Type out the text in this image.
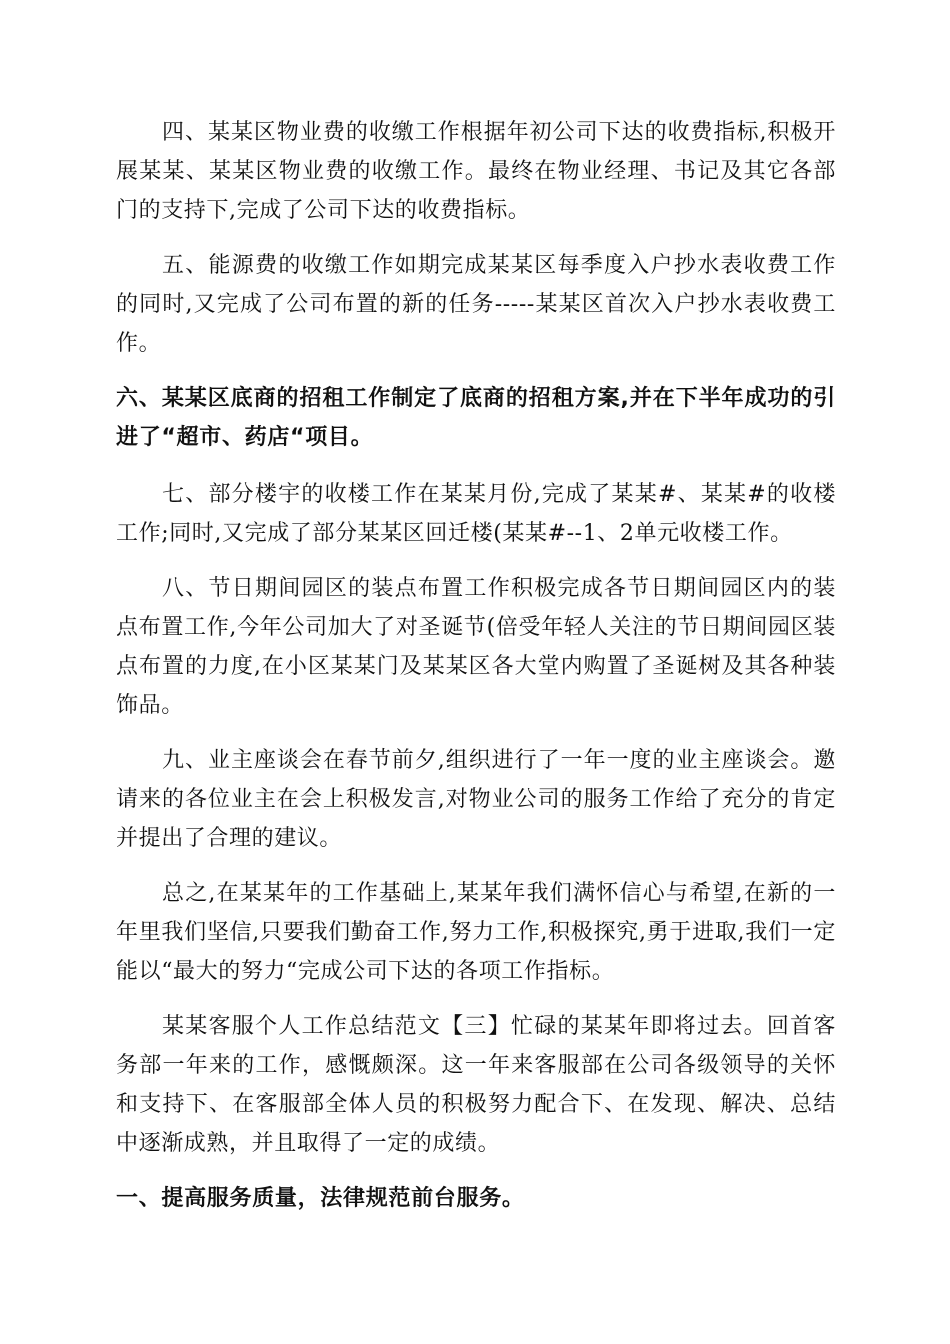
四、某某区物业费的收缴工作根据年初公司下达的收费指标,积极开展某某、某某区物业费的收缴工作。最终在物业经理、书记及其它各部门的支持下,完成了公司下达的收费指标。

五、能源费的收缴工作如期完成某某区每季度入户抄水表收费工作的同时,又完成了公司布置的新的任务-----某某区首次入户抄水表收费工作。

六、某某区底商的招租工作制定了底商的招租方案,并在下半年成功的引进了“超市、药店“项目。

七、部分楼宇的收楼工作在某某月份,完成了某某#、某某#的收楼工作;同时,又完成了部分某某区回迁楼(某某#--1、2单元收楼工作。

八、节日期间园区的装点布置工作积极完成各节日期间园区内的装点布置工作,今年公司加大了对圣诞节(倍受年轻人关注的节日期间园区装点布置的力度,在小区某某门及某某区各大堂内购置了圣诞树及其各种装饰品。

九、业主座谈会在春节前夕,组织进行了一年一度的业主座谈会。邀请来的各位业主在会上积极发言,对物业公司的服务工作给了充分的肯定并提出了合理的建议。

总之,在某某年的工作基础上,某某年我们满怀信心与希望,在新的一年里我们坚信,只要我们勤奋工作,努力工作,积极探究,勇于进取,我们一定能以“最大的努力“完成公司下达的各项工作指标。

某某客服个人工作总结范文【三】忙碌的某某年即将过去。回首客务部一年来的工作，感慨颇深。这一年来客服部在公司各级领导的关怀和支持下、在客服部全体人员的积极努力配合下、在发现、解决、总结中逐渐成熟，并且取得了一定的成绩。

一、提高服务质量，法律规范前台服务。
